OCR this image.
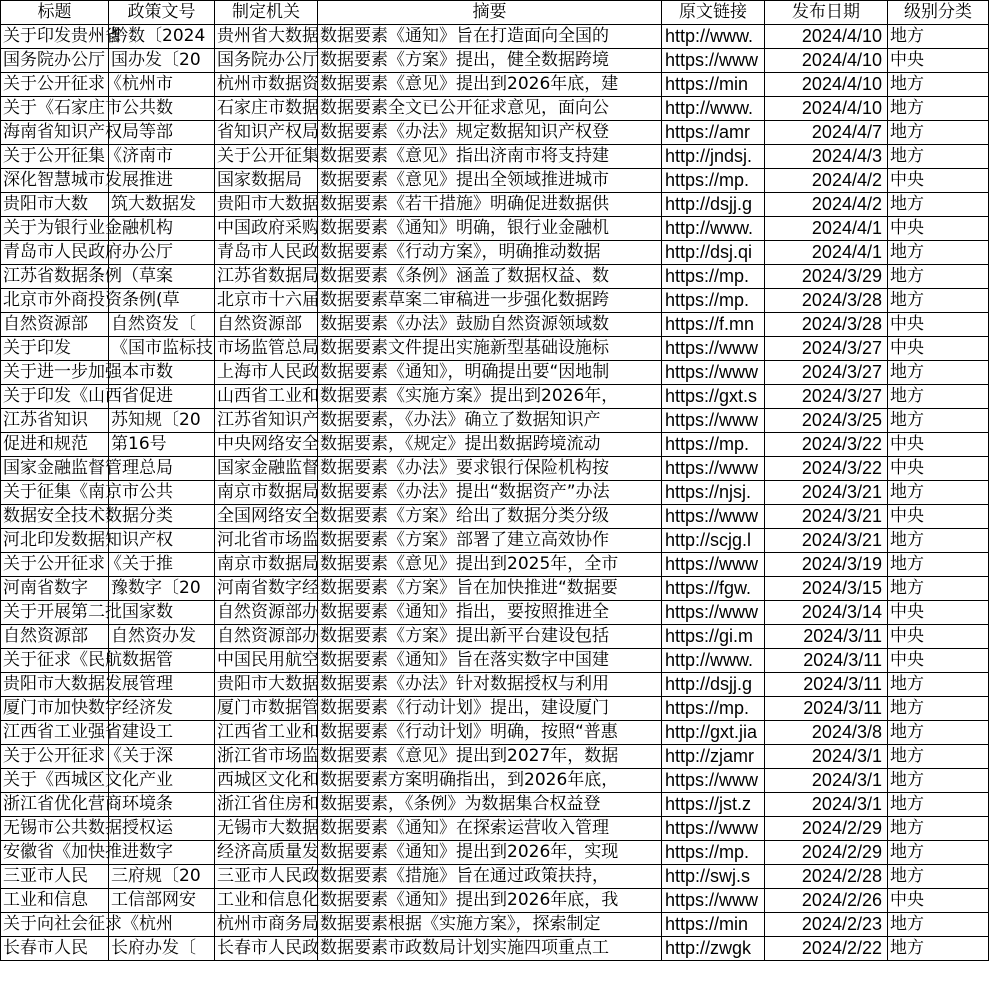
标题	政策文号	制定机关	摘要	原文链接	发布日期	级别分类
关于印发贵州省	黔数〔2024	贵州省大数据	数据要素《通知》旨在打造面向全国的	http://www.	2024/4/10	地方
国务院办公厅	国办发〔20	国务院办公厅	数据要素《方案》提出，健全数据跨境	https://www	2024/4/10	中央
关于公开征求《杭州市		杭州市数据资	数据要素《意见》提出到2026年底，建	https://min	2024/4/10	地方
关于《石家庄市公共数		石家庄市数据	数据要素全文已公开征求意见，面向公	http://www.	2024/4/10	地方
海南省知识产权局等部		省知识产权局	数据要素《办法》规定数据知识产权登	https://amr	2024/4/7	地方
关于公开征集《济南市		关于公开征集	数据要素《意见》指出济南市将支持建	http://jndsj.	2024/4/3	地方
深化智慧城市发展推进		国家数据局	数据要素《意见》提出全领域推进城市	https://mp.	2024/4/2	中央
贵阳市大数	筑大数据发	贵阳市大数据	数据要素《若干措施》明确促进数据供	http://dsjj.g	2024/4/2	地方
关于为银行业金融机构		中国政府采购	数据要素《通知》明确，银行业金融机	http://www.	2024/4/1	中央
青岛市人民政府办公厅		青岛市人民政	数据要素《行动方案》，明确推动数据	http://dsj.qi	2024/4/1	地方
江苏省数据条例（草案		江苏省数据局	数据要素《条例》涵盖了数据权益、数	https://mp.	2024/3/29	地方
北京市外商投资条例(草		北京市十六届	数据要素草案二审稿进一步强化数据跨	https://mp.	2024/3/28	地方
自然资源部	自然资发〔	自然资源部	数据要素《办法》鼓励自然资源领域数	https://f.mn	2024/3/28	中央
关于印发	《国市监标技	市场监管总局	数据要素文件提出实施新型基础设施标	https://www	2024/3/27	中央
关于进一步加强本市数		上海市人民政	数据要素《通知》，明确提出要“因地制	https://www	2024/3/27	地方
关于印发《山西省促进		山西省工业和	数据要素《实施方案》提出到2026年，	https://gxt.s	2024/3/27	地方
江苏省知识	苏知规〔20	江苏省知识产	数据要素，《办法》确立了数据知识产	https://www	2024/3/25	地方
促进和规范	第16号	中央网络安全	数据要素，《规定》提出数据跨境流动	https://mp.	2024/3/22	中央
国家金融监督管理总局		国家金融监督	数据要素《办法》要求银行保险机构按	https://www	2024/3/22	中央
关于征集《南京市公共		南京市数据局	数据要素《办法》提出“数据资产”办法	https://njsj.	2024/3/21	地方
数据安全技术数据分类		全国网络安全	数据要素《方案》给出了数据分类分级	https://www	2024/3/21	中央
河北印发数据知识产权		河北省市场监	数据要素《方案》部署了建立高效协作	http://scjg.l	2024/3/21	地方
关于公开征求《关于推		南京市数据局	数据要素《意见》提出到2025年，全市	https://www	2024/3/19	地方
河南省数字	豫数字〔20	河南省数字经	数据要素《方案》旨在加快推进“数据要	https://fgw.	2024/3/15	地方
关于开展第二批国家数		自然资源部办	数据要素《通知》指出，要按照推进全	https://www	2024/3/14	中央
自然资源部	自然资办发	自然资源部办	数据要素《方案》提出新平台建设包括	https://gi.m	2024/3/11	中央
关于征求《民航数据管		中国民用航空	数据要素《通知》旨在落实数字中国建	http://www.	2024/3/11	中央
贵阳市大数据发展管理		贵阳市大数据	数据要素《办法》针对数据授权与利用	http://dsjj.g	2024/3/11	地方
厦门市加快数字经济发		厦门市数据管	数据要素《行动计划》提出，建设厦门	https://mp.	2024/3/11	地方
江西省工业强省建设工		江西省工业和	数据要素《行动计划》明确，按照“普惠	http://gxt.jia	2024/3/8	地方
关于公开征求《关于深		浙江省市场监	数据要素《意见》提出到2027年，数据	http://zjamr	2024/3/1	地方
关于《西城区文化产业		西城区文化和	数据要素方案明确指出，到2026年底，	https://www	2024/3/1	地方
浙江省优化营商环境条		浙江省住房和	数据要素，《条例》为数据集合权益登	https://jst.z	2024/3/1	地方
无锡市公共数据授权运		无锡市大数据	数据要素《通知》在探索运营收入管理	https://www	2024/2/29	地方
安徽省《加快推进数字		经济高质量发	数据要素《通知》提出到2026年，实现	https://mp.	2024/2/29	地方
三亚市人民	三府规〔20	三亚市人民政	数据要素《措施》旨在通过政策扶持，	http://swj.s	2024/2/28	地方
工业和信息	工信部网安	工业和信息化	数据要素《通知》提出到2026年底，我	https://www	2024/2/26	中央
关于向社会征求《杭州		杭州市商务局	数据要素根据《实施方案》，探索制定	https://min	2024/2/23	地方
长春市人民	长府办发〔	长春市人民政	数据要素市政数局计划实施四项重点工	http://zwgk	2024/2/22	地方
